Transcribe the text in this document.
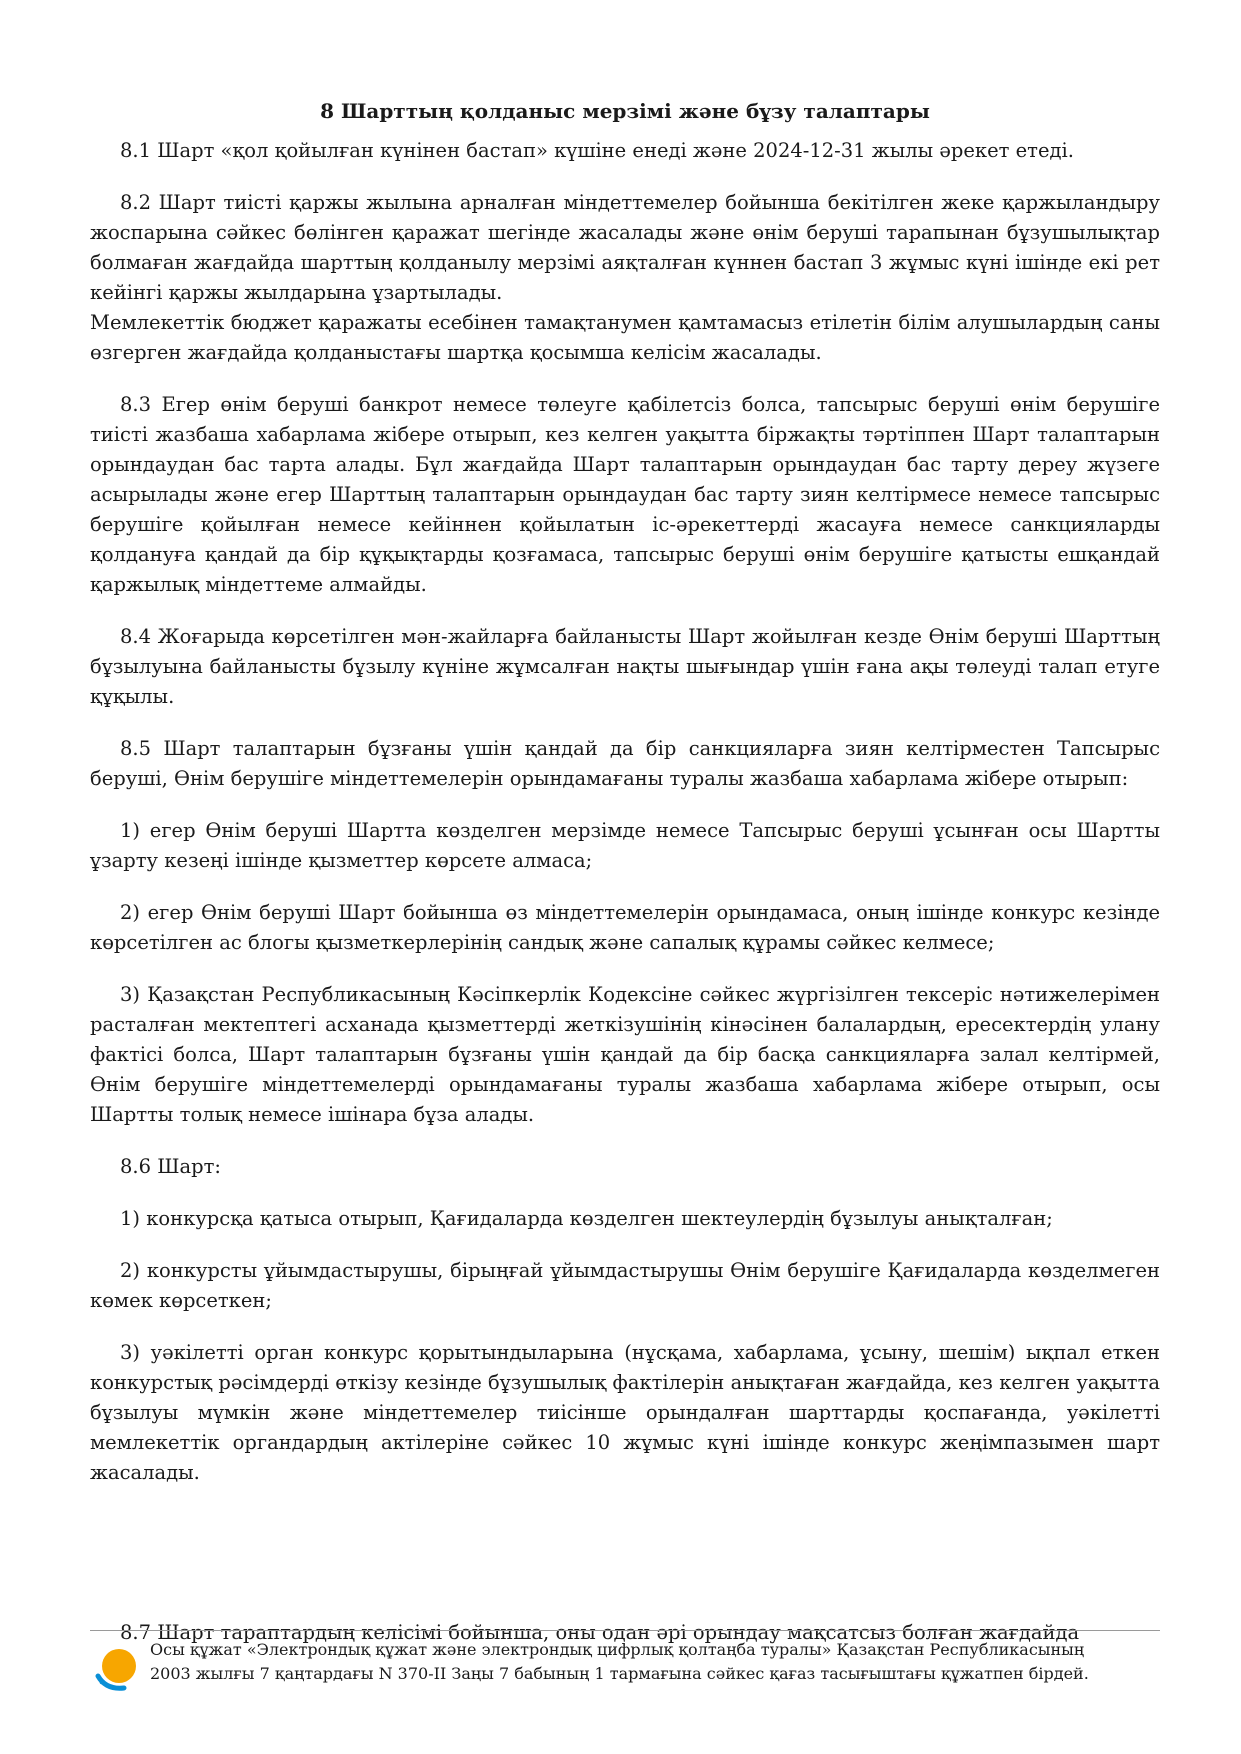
8 Шарттың қолданыс мерзімі және бұзу талаптары

8.1 Шарт «қол қойылған күнінен бастап» күшіне енеді және 2024-12-31 жылы әрекет етеді.

8.2 Шарт тиісті қаржы жылына арналған міндеттемелер бойынша бекітілген жеке қаржыландыру жоспарына сәйкес бөлінген қаражат шегінде жасалады және өнім беруші тарапынан бұзушылықтар болмаған жағдайда шарттың қолданылу мерзімі аяқталған күннен бастап 3 жұмыс күні ішінде екі рет кейінгі қаржы жылдарына ұзартылады.

Мемлекеттік бюджет қаражаты есебінен тамақтанумен қамтамасыз етілетін білім алушылардың саны өзгерген жағдайда қолданыстағы шартқа қосымша келісім жасалады.

8.3 Егер өнім беруші банкрот немесе төлеуге қабілетсіз болса, тапсырыс беруші өнім берушіге тиісті жазбаша хабарлама жібере отырып, кез келген уақытта біржақты тәртіппен Шарт талаптарын орындаудан бас тарта алады. Бұл жағдайда Шарт талаптарын орындаудан бас тарту дереу жүзеге асырылады және егер Шарттың талаптарын орындаудан бас тарту зиян келтірмесе немесе тапсырыс берушіге қойылған немесе кейіннен қойылатын іс-әрекеттерді жасауға немесе санкцияларды қолдануға қандай да бір құқықтарды қозғамаса, тапсырыс беруші өнім берушіге қатысты ешқандай қаржылық міндеттеме алмайды.

8.4 Жоғарыда көрсетілген мән-жайларға байланысты Шарт жойылған кезде Өнім беруші Шарттың бұзылуына байланысты бұзылу күніне жұмсалған нақты шығындар үшін ғана ақы төлеуді талап етуге құқылы.

8.5 Шарт талаптарын бұзғаны үшін қандай да бір санкцияларға зиян келтірместен Тапсырыс беруші, Өнім берушіге міндеттемелерін орындамағаны туралы жазбаша хабарлама жібере отырып:

1) егер Өнім беруші Шартта көзделген мерзімде немесе Тапсырыс беруші ұсынған осы Шартты ұзарту кезеңі ішінде қызметтер көрсете алмаса;

2) егер Өнім беруші Шарт бойынша өз міндеттемелерін орындамаса, оның ішінде конкурс кезінде көрсетілген ас блогы қызметкерлерінің сандық және сапалық құрамы сәйкес келмесе;

3) Қазақстан Республикасының Кәсіпкерлік Кодексіне сәйкес жүргізілген тексеріс нәтижелерімен расталған мектептегі асханада қызметтерді жеткізушінің кінәсінен балалардың, ересектердің улану фактісі болса, Шарт талаптарын бұзғаны үшін қандай да бір басқа санкцияларға залал келтірмей, Өнім берушіге міндеттемелерді орындамағаны туралы жазбаша хабарлама жібере отырып, осы Шартты толық немесе ішінара бұза алады.

8.6 Шарт:

1) конкурсқа қатыса отырып, Қағидаларда көзделген шектеулердің бұзылуы анықталған;

2) конкурсты ұйымдастырушы, бірыңғай ұйымдастырушы Өнім берушіге Қағидаларда көзделмеген көмек көрсеткен;

3) уәкілетті орган конкурс қорытындыларына (нұсқама, хабарлама, ұсыну, шешім) ықпал еткен конкурстық рәсімдерді өткізу кезінде бұзушылық фактілерін анықтаған жағдайда, кез келген уақытта бұзылуы мүмкін және міндеттемелер тиісінше орындалған шарттарды қоспағанда, уәкілетті мемлекеттік органдардың актілеріне сәйкес 10 жұмыс күні ішінде конкурс жеңімпазымен шарт жасалады.

8.7 Шарт тараптардың келісімі бойынша, оны одан әрі орындау мақсатсыз болған жағдайда

Осы құжат «Электрондық құжат және электрондық цифрлық қолтаңба туралы» Қазақстан Республикасының 2003 жылғы 7 қаңтардағы N 370-II Заңы 7 бабының 1 тармағына сәйкес қағаз тасығыштағы құжатпен бірдей.
